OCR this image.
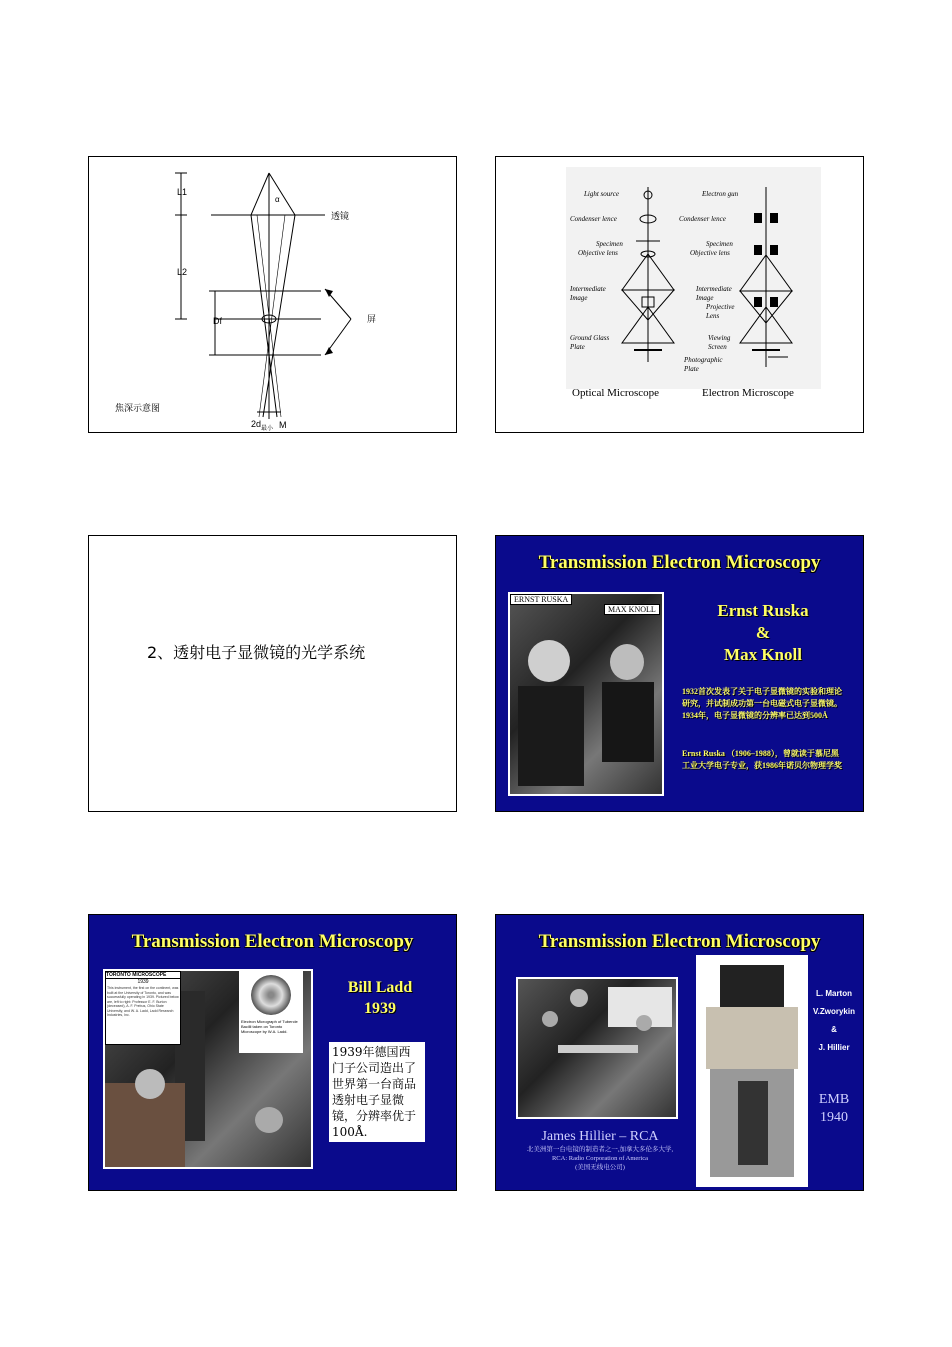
L1
L2
Df
α
透镜
屏
$2d_{最小}$ M
焦深示意图
Light source
Condenser lence
Specimen
Objective lens
Intermediate
Image
Ground Glass
Plate
Electron gun
Condenser lence
Specimen
Objective lens
Intermediate
Image
Projective
Lens
Viewing
Screen
Photographic
Plate
Optical Microscope	Electron Microscope
2、透射电子显微镜的光学系统
Transmission Electron Microscopy
ERNST RUSKA
MAX KNOLL	Ernst Ruska
&
Max Knoll
1932首次发表了关于电子显微镜的实验和理论研究，并试制成功第一台电磁式电子显微镜。1934年，电子显微镜的分辨率已达到500Å
Ernst Ruska （1906–1988），曾就读于慕尼黑工业大学电子专业，获1986年诺贝尔物理学奖
Transmission Electron Microscopy
TORONTO MICROSCOPE
1939
This instrument, the first on the continent, was built at the University of Toronto, and was successfully operating in 1939. Pictured below are, left to right: Professor E. F. Burton (deceased), A. F. Prebus, Ohio State University, and W. A. Ladd, Ladd Research Industries, Inc.
Electron Micrograph of Tubercle Bacilli taken on Toronto Microscope by W.A. Ladd.
Bill Ladd
1939
1939年德国西门子公司造出了世界第一台商品透射电子显微镜，分辨率优于100Å.
Transmission Electron Microscopy
L. Marton
V.Zworykin
&
J. Hillier
EMB
1940
James Hillier – RCA
北美洲第一台电镜的制造者之一,加拿大多伦多大学,
RCA: Radio Corporation of America
(美国无线电公司)
